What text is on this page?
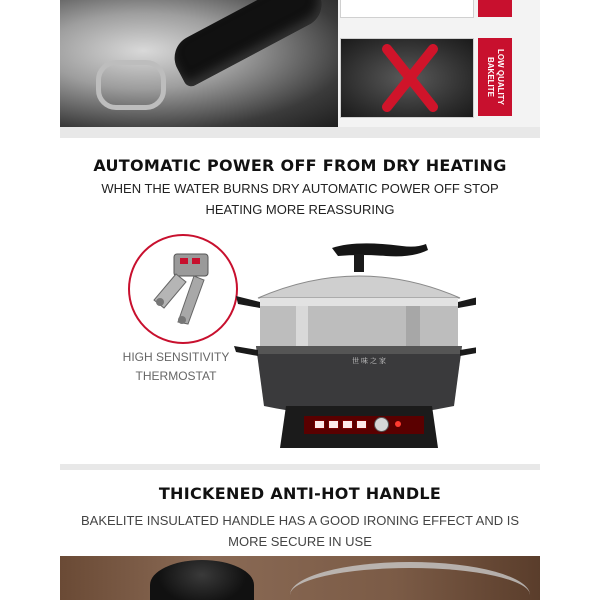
LOW QUALITY
BAKELITE
AUTOMATIC POWER OFF FROM DRY HEATING
WHEN THE WATER BURNS DRY AUTOMATIC POWER OFF STOP HEATING MORE REASSURING
HIGH SENSITIVITY THERMOSTAT
世味之家
THICKENED ANTI-HOT HANDLE
BAKELITE INSULATED HANDLE HAS A GOOD IRONING EFFECT AND IS MORE SECURE IN USE
